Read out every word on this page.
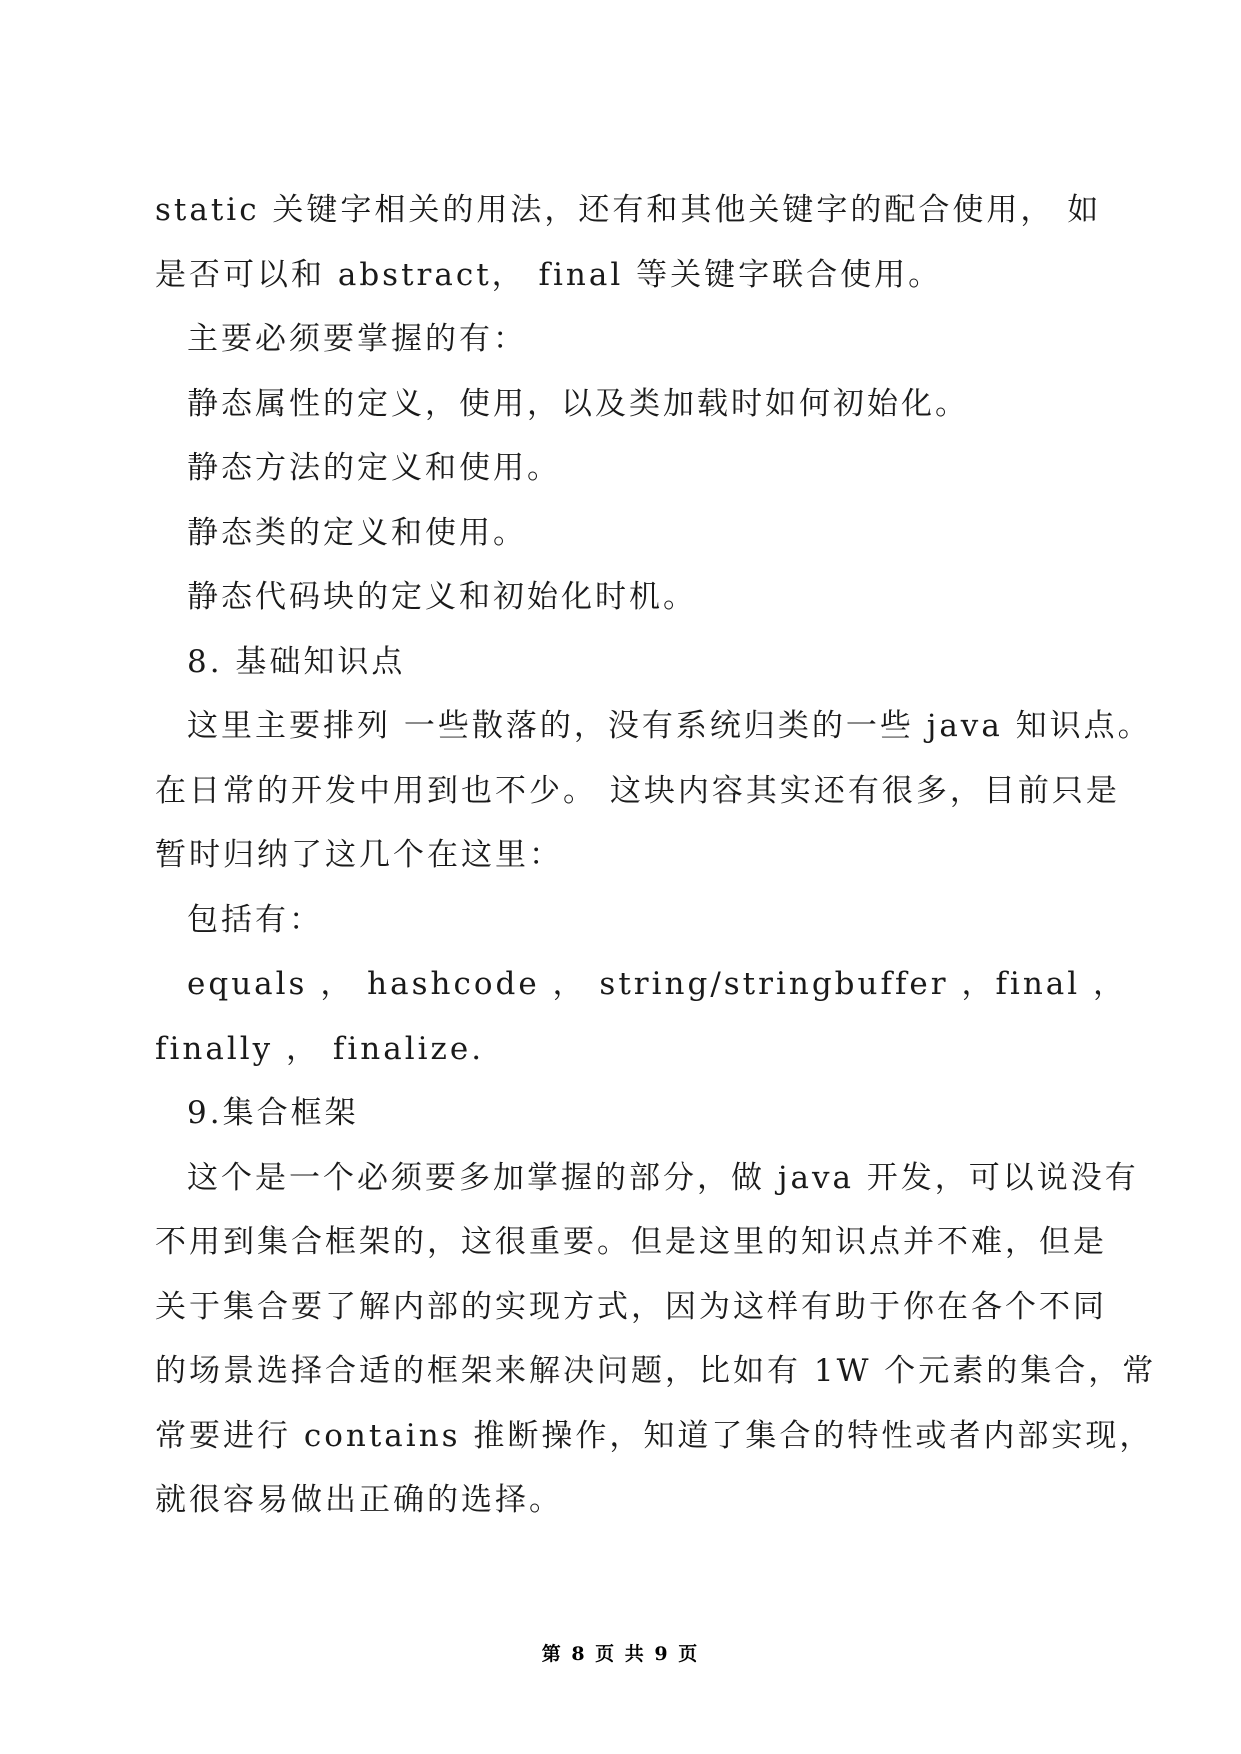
static 关键字相关的用法，还有和其他关键字的配合使用， 如
是否可以和 abstract， final 等关键字联合使用。
主要必须要掌握的有：
静态属性的定义，使用，以及类加载时如何初始化。
静态方法的定义和使用。
静态类的定义和使用。
静态代码块的定义和初始化时机。
8. 基础知识点
这里主要排列 一些散落的，没有系统归类的一些 java 知识点。
在日常的开发中用到也不少。 这块内容其实还有很多，目前只是
暂时归纳了这几个在这里：
包括有：
equals ， hashcode ， string/stringbuffer ，final ，
finally ， finalize.
9.集合框架
这个是一个必须要多加掌握的部分，做 java 开发，可以说没有
不用到集合框架的，这很重要。但是这里的知识点并不难，但是
关于集合要了解内部的实现方式，因为这样有助于你在各个不同
的场景选择合适的框架来解决问题，比如有 1W 个元素的集合，常
常要进行 contains 推断操作，知道了集合的特性或者内部实现，
就很容易做出正确的选择。
第 8 页 共 9 页
